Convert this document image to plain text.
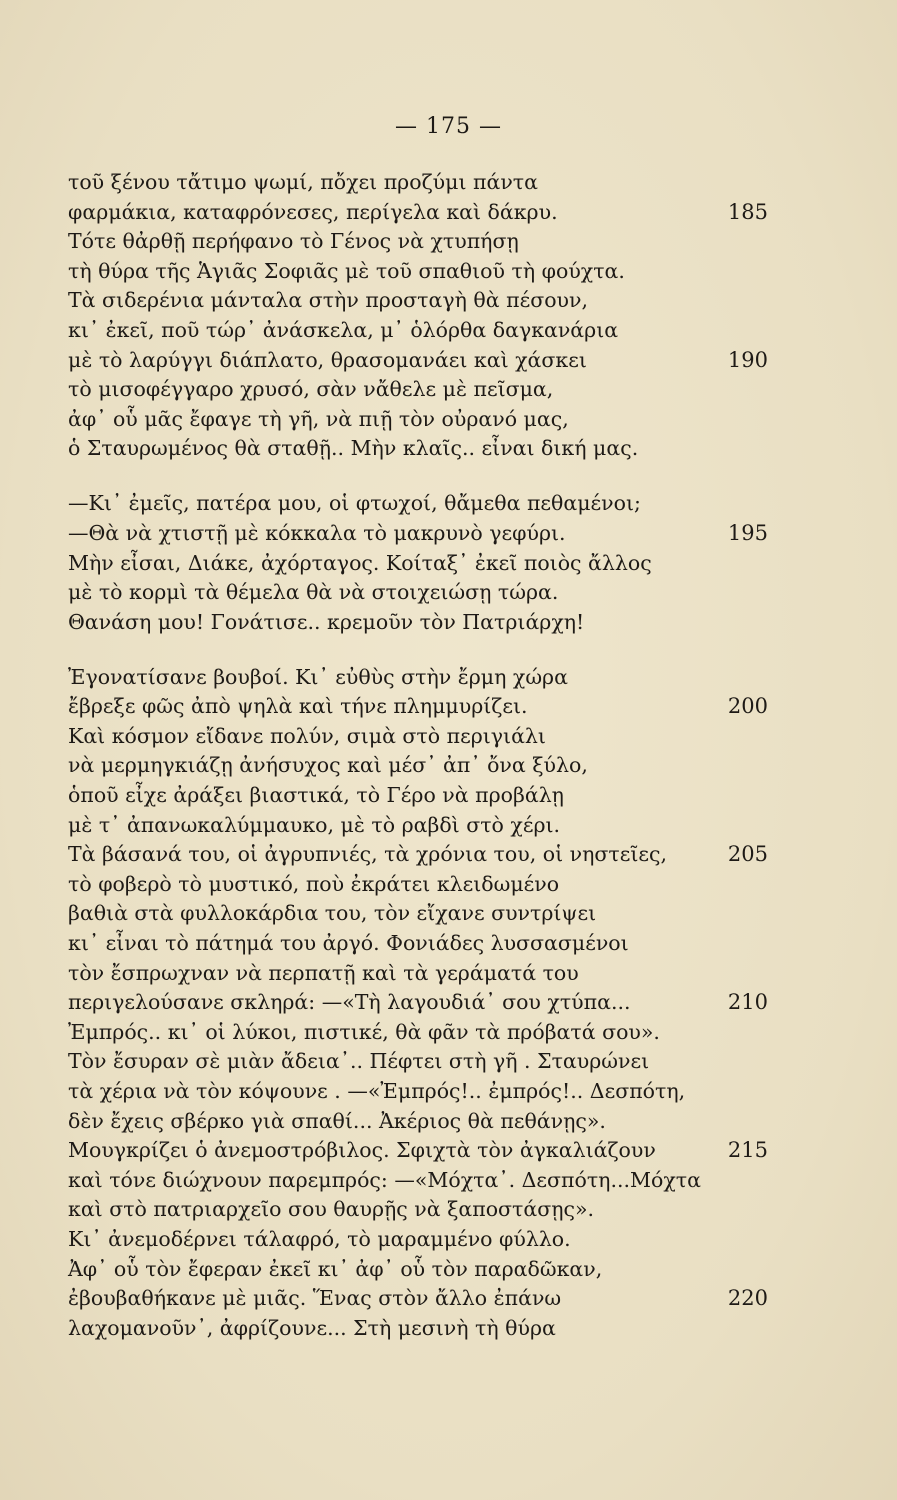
— 175 —
τοῦ ξένου τἄτιμο ψωμί, πὄχει προζύμι πάντα
φαρμάκια, καταφρόνεσες, περίγελα καὶ δάκρυ.	185
Τότε θἀρθῇ περήφανο τὸ Γένος νὰ χτυπήσῃ
τὴ θύρα τῆς Ἁγιᾶς Σοφιᾶς μὲ τοῦ σπαθιοῦ τὴ φούχτα.
Τὰ σιδερένια μάνταλα στὴν προσταγὴ θὰ πέσουν,
κι᾿ ἐκεῖ, ποῦ τώρ᾿ ἀνάσκελα, μ᾿ ὁλόρθα δαγκανάρια
μὲ τὸ λαρύγγι διάπλατο, θρασομανάει καὶ χάσκει	190
τὸ μισοφέγγαρο χρυσό, σὰν νἄθελε μὲ πεῖσμα,
ἀφ᾿ οὗ μᾶς ἔφαγε τὴ γῆ, νὰ πιῇ τὸν οὐρανό μας,
ὁ Σταυρωμένος θὰ σταθῇ.. Μὴν κλαῖς.. εἶναι δική μας.
—Κι᾿ ἐμεῖς, πατέρα μου, οἱ φτωχοί, θἄμεθα πεθαμένοι;
—Θὰ νὰ χτιστῇ μὲ κόκκαλα τὸ μακρυνὸ γεφύρι.	195
Μὴν εἶσαι, Διάκε, ἀχόρταγος. Κοίταξ᾿ ἐκεῖ ποιὸς ἄλλος
μὲ τὸ κορμὶ τὰ θέμελα θὰ νὰ στοιχειώσῃ τώρα.
Θανάση μου! Γονάτισε.. κρεμοῦν τὸν Πατριάρχη!
Ἐγονατίσανε βουβοί. Κι᾿ εὐθὺς στὴν ἔρμη χώρα
ἔβρεξε φῶς ἀπὸ ψηλὰ καὶ τήνε πλημμυρίζει.	200
Καὶ κόσμον εἴδανε πολύν, σιμὰ στὸ περιγιάλι
νὰ μερμηγκιάζῃ ἀνήσυχος καὶ μέσ᾿ ἀπ᾿ ὄνα ξύλο,
ὁποῦ εἶχε ἀράξει βιαστικά, τὸ Γέρο νὰ προβάλῃ
μὲ τ᾿ ἀπανωκαλύμμαυκο, μὲ τὸ ραβδὶ στὸ χέρι.
Τὰ βάσανά του, οἱ ἀγρυπνιές, τὰ χρόνια του, οἱ νηστεῖες,	205
τὸ φοβερὸ τὸ μυστικό, ποὺ ἐκράτει κλειδωμένο
βαθιὰ στὰ φυλλοκάρδια του, τὸν εἴχανε συντρίψει
κι᾿ εἶναι τὸ πάτημά του ἀργό. Φονιάδες λυσσασμένοι
τὸν ἔσπρωχναν νὰ περπατῇ καὶ τὰ γεράματά του
περιγελούσανε σκληρά: —«Τὴ λαγουδιά᾿ σου χτύπα...	210
Ἐμπρός.. κι᾿ οἱ λύκοι, πιστικέ, θὰ φᾶν τὰ πρόβατά σου».
Τὸν ἔσυραν σὲ μιὰν ἄδεια᾿.. Πέφτει στὴ γῆ . Σταυρώνει
τὰ χέρια νὰ τὸν κόψουνε . —«Ἐμπρός!.. ἐμπρός!.. Δεσπότη,
δὲν ἔχεις σβέρκο γιὰ σπαθί... Ἀκέριος θὰ πεθάνῃς».
Μουγκρίζει ὁ ἀνεμοστρόβιλος. Σφιχτὰ τὸν ἀγκαλιάζουν	215
καὶ τόνε διώχνουν παρεμπρός: —«Μόχτα᾿. Δεσπότη...Μόχτα
καὶ στὸ πατριαρχεῖο σου θαυρῇς νὰ ξαποστάσῃς».
Κι᾿ ἀνεμοδέρνει τάλαφρό, τὸ μαραμμένο φύλλο.
Ἀφ᾿ οὗ τὸν ἔφεραν ἐκεῖ κι᾿ ἀφ᾿ οὗ τὸν παραδῶκαν,
ἐβουβαθήκανε μὲ μιᾶς. Ἕνας στὸν ἄλλο ἐπάνω	220
λαχομανοῦν᾿, ἀφρίζουνε... Στὴ μεσινὴ τὴ θύρα
